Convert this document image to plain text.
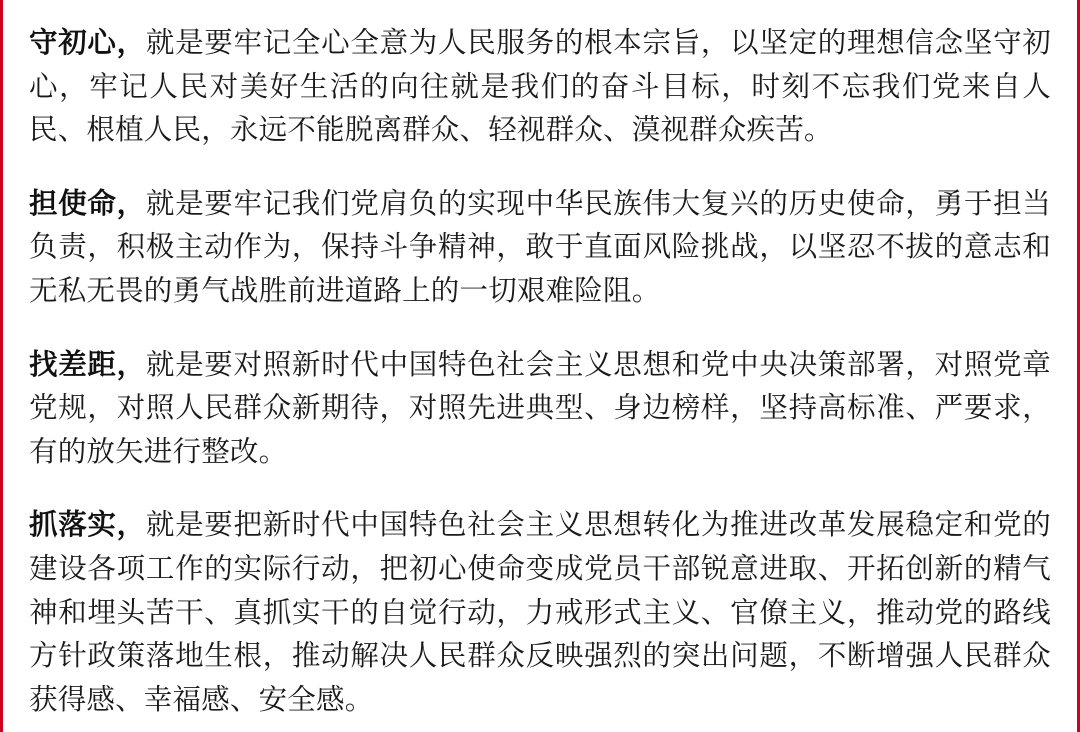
守初心，就是要牢记全心全意为人民服务的根本宗旨，以坚定的理想信念坚守初心，牢记人民对美好生活的向往就是我们的奋斗目标，时刻不忘我们党来自人民、根植人民，永远不能脱离群众、轻视群众、漠视群众疾苦。

担使命，就是要牢记我们党肩负的实现中华民族伟大复兴的历史使命，勇于担当负责，积极主动作为，保持斗争精神，敢于直面风险挑战，以坚忍不拔的意志和无私无畏的勇气战胜前进道路上的一切艰难险阻。

找差距，就是要对照新时代中国特色社会主义思想和党中央决策部署，对照党章党规，对照人民群众新期待，对照先进典型、身边榜样，坚持高标准、严要求，有的放矢进行整改。

抓落实，就是要把新时代中国特色社会主义思想转化为推进改革发展稳定和党的建设各项工作的实际行动，把初心使命变成党员干部锐意进取、开拓创新的精气神和埋头苦干、真抓实干的自觉行动，力戒形式主义、官僚主义，推动党的路线方针政策落地生根，推动解决人民群众反映强烈的突出问题，不断增强人民群众获得感、幸福感、安全感。
